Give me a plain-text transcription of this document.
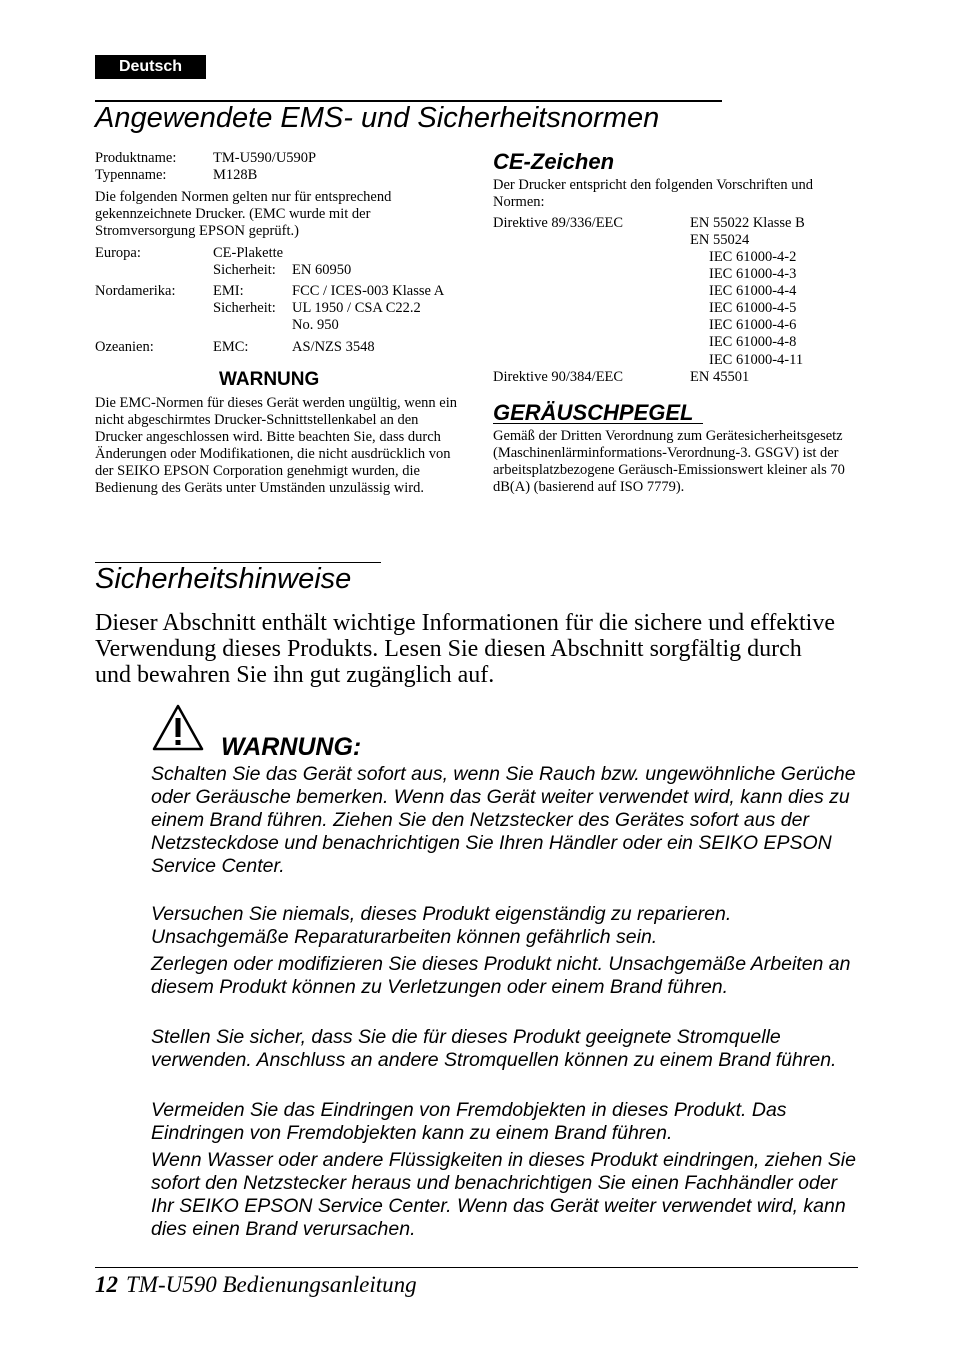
Deutsch
Angewendete EMS- und Sicherheitsnormen
Produktname:	TM-U590/U590P
Typenname:	M128B

Die folgenden Normen gelten nur für entsprechend gekennzeichnete Drucker. (EMC wurde mit der Stromversorgung EPSON geprüft.)

Europa:	CE-Plakette
Sicherheit: EN 60950
Nordamerika:	EMI:	FCC / ICES-003 Klasse A
Sicherheit: UL 1950 / CSA C22.2
No. 950
Ozeanien:	EMC:	AS/NZS 3548
WARNUNG

Die EMC-Normen für dieses Gerät werden ungültig, wenn ein nicht abgeschirmtes Drucker-Schnittstellenkabel an den Drucker angeschlossen wird. Bitte beachten Sie, dass durch Änderungen oder Modifikationen, die nicht ausdrücklich von der SEIKO EPSON Corporation genehmigt wurden, die Bedienung des Geräts unter Umständen unzulässig wird.

CE-Zeichen

Der Drucker entspricht den folgenden Vorschriften und Normen:

Direktive 89/336/EEC	EN 55022 Klasse B
EN 55024
IEC 61000-4-2
IEC 61000-4-3
IEC 61000-4-4
IEC 61000-4-5
IEC 61000-4-6
IEC 61000-4-8
IEC 61000-4-11
Direktive 90/384/EEC	EN 45501
GERÄUSCHPEGEL

Gemäß der Dritten Verordnung zum Gerätesicherheitsgesetz (Maschinenlärminformations-Verordnung-3. GSGV) ist der arbeitsplatzbezogene Geräusch-Emissionswert kleiner als 70 dB(A) (basierend auf ISO 7779).

Sicherheitshinweise

Dieser Abschnitt enthält wichtige Informationen für die sichere und effektive Verwendung dieses Produkts. Lesen Sie diesen Abschnitt sorgfältig durch und bewahren Sie ihn gut zugänglich auf.

WARNUNG:

Schalten Sie das Gerät sofort aus, wenn Sie Rauch bzw. ungewöhnliche Gerüche oder Geräusche bemerken. Wenn das Gerät weiter verwendet wird, kann dies zu einem Brand führen. Ziehen Sie den Netzstecker des Gerätes sofort aus der Netzsteckdose und benachrichtigen Sie Ihren Händler oder ein SEIKO EPSON Service Center.

Versuchen Sie niemals, dieses Produkt eigenständig zu reparieren. Unsachgemäße Reparaturarbeiten können gefährlich sein.

Zerlegen oder modifizieren Sie dieses Produkt nicht. Unsachgemäße Arbeiten an diesem Produkt können zu Verletzungen oder einem Brand führen.

Stellen Sie sicher, dass Sie die für dieses Produkt geeignete Stromquelle verwenden. Anschluss an andere Stromquellen können zu einem Brand führen.

Vermeiden Sie das Eindringen von Fremdobjekten in dieses Produkt. Das Eindringen von Fremdobjekten kann zu einem Brand führen.

Wenn Wasser oder andere Flüssigkeiten in dieses Produkt eindringen, ziehen Sie sofort den Netzstecker heraus und benachrichtigen Sie einen Fachhändler oder Ihr SEIKO EPSON Service Center. Wenn das Gerät weiter verwendet wird, kann dies einen Brand verursachen.

12 TM-U590 Bedienungsanleitung
